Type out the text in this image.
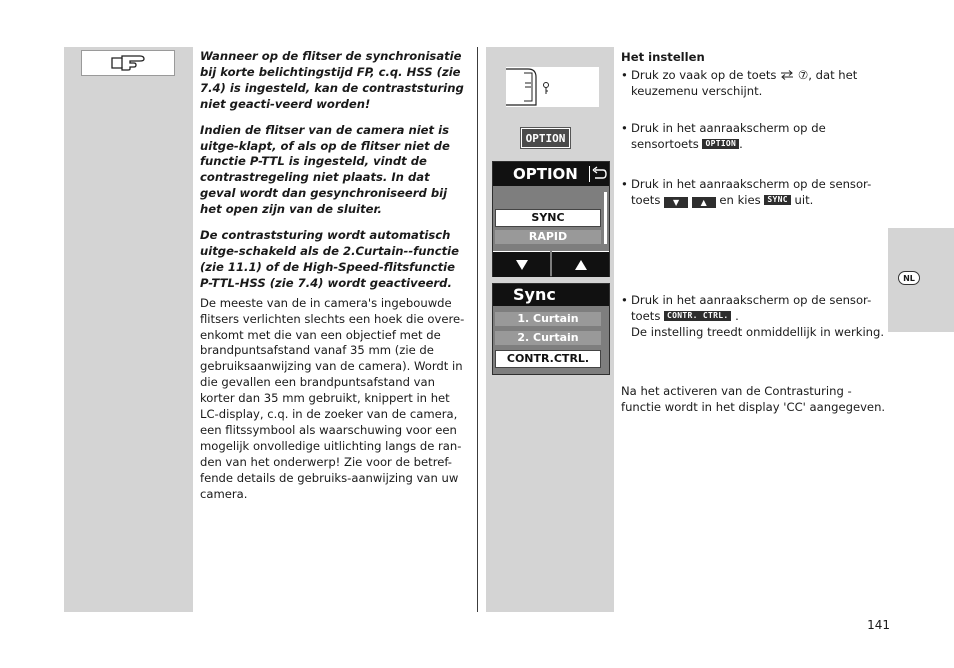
Wanneer op de flitser de synchronisatie bij korte belichtingstijd FP, c.q. HSS (zie 7.4) is ingesteld, kan de contraststuring niet geacti-veerd worden!

Indien de flitser van de camera niet is uitge-klapt, of als op de flitser niet de functie P-TTL is ingesteld, vindt de contrastregeling niet plaats. In dat geval wordt dan gesynchroniseerd bij het open zijn van de sluiter.

De contraststuring wordt automatisch uitge-schakeld als de 2.Curtain--functie (zie 11.1) of de High-Speed-flitsfunctie P-TTL-HSS (zie 7.4) wordt geactiveerd.

De meeste van de in camera's ingebouwde flitsers verlichten slechts een hoek die overe-enkomt met die van een objectief met de brandpuntsafstand vanaf 35 mm (zie de gebruiksaanwijzing van de camera). Wordt in die gevallen een brandpuntsafstand van korter dan 35 mm gebruikt, knippert in het LC-display, c.q. in de zoeker van de camera, een flitssymbool als waarschuwing voor een mogelijk onvolledige uitlichting langs de ran-den van het onderwerp! Zie voor de betref-fende details de gebruiks-aanwijzing van uw camera.

OPTION
OPTION
SYNC
RAPID
Sync
1. Curtain
2. Curtain
CONTR.CTRL.

Het instellen

• Druk zo vaak op de toets ⑦, dat het keuzemenu verschijnt.
• Druk in het aanraakscherm op de sensortoets OPTION .
• Druk in het aanraakscherm op de sensor-toets ▼	▲ en kies SYNC uit.
• Druk in het aanraakscherm op de sensor-toets CONTR. CTRL. .
De instelling treedt onmiddellijk in werking.
Na het activeren van de Contrasturing - functie wordt in het display 'CC' aangegeven.
NL
141
